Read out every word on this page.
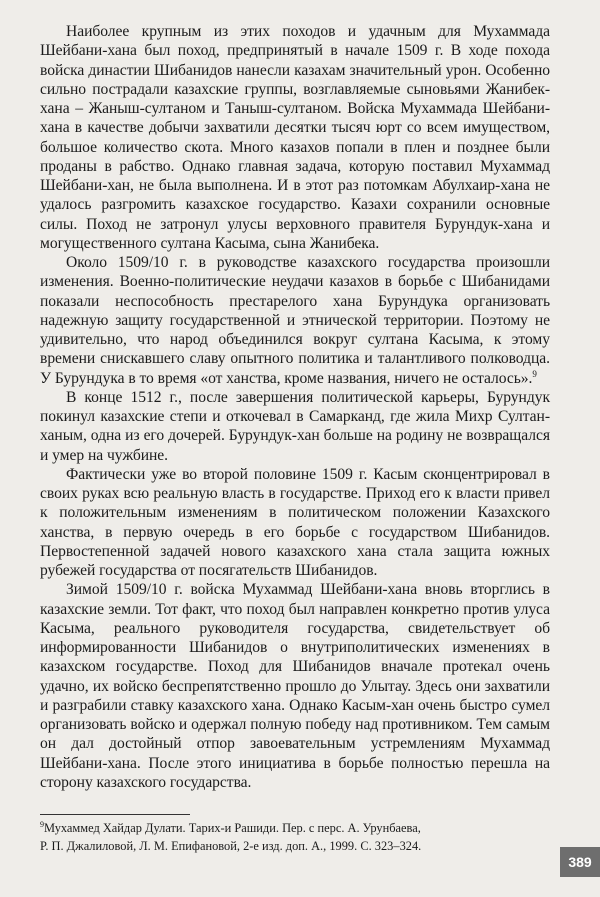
Наиболее крупным из этих походов и удачным для Мухаммада Шейбани-хана был поход, предпринятый в начале 1509 г. В ходе похода войска династии Шибанидов нанесли казахам значительный урон. Особенно сильно пострадали казахские группы, возглавляемые сыновьями Жанибек-хана – Жаныш-султаном и Таныш-султаном. Войска Мухаммада Шейбани-хана в качестве добычи захватили десятки тысяч юрт со всем имуществом, большое количество скота. Много казахов попали в плен и позднее были проданы в рабство. Однако главная задача, которую поставил Мухаммад Шейбани-хан, не была выполнена. И в этот раз потомкам Абулхаир-хана не удалось разгромить казахское государство. Казахи сохранили основные силы. Поход не затронул улусы верховного правителя Бурундук-хана и могущественного султана Касыма, сына Жанибека.

Около 1509/10 г. в руководстве казахского государства произошли изменения. Военно-политические неудачи казахов в борьбе с Шибанидами показали неспособность престарелого хана Бурундука организовать надежную защиту государственной и этнической территории. Поэтому не удивительно, что народ объединился вокруг султана Касыма, к этому времени снискавшего славу опытного политика и талантливого полководца. У Бурундука в то время «от ханства, кроме названия, ничего не осталось».$^9$

В конце 1512 г., после завершения политической карьеры, Бурундук покинул казахские степи и откочевал в Самарканд, где жила Михр Султан-ханым, одна из его дочерей. Бурундук-хан больше на родину не возвращался и умер на чужбине.

Фактически уже во второй половине 1509 г. Касым сконцентрировал в своих руках всю реальную власть в государстве. Приход его к власти привел к положительным изменениям в политическом положении Казахского ханства, в первую очередь в его борьбе с государством Шибанидов. Первостепенной задачей нового казахского хана стала защита южных рубежей государства от посягательств Шибанидов.

Зимой 1509/10 г. войска Мухаммад Шейбани-хана вновь вторглись в казахские земли. Тот факт, что поход был направлен конкретно против улуса Касыма, реального руководителя государства, свидетельствует об информированности Шибанидов о внутриполитических изменениях в казахском государстве. Поход для Шибанидов вначале протекал очень удачно, их войско беспрепятственно прошло до Улытау. Здесь они захватили и разграбили ставку казахского хана. Однако Касым-хан очень быстро сумел организовать войско и одержал полную победу над противником. Тем самым он дал достойный отпор завоевательным устремлениям Мухаммад Шейбани-хана. После этого инициатива в борьбе полностью перешла на сторону казахского государства.

$^9$Мухаммед Хайдар Дулати. Тарих-и Рашиди. Пер. с перс. А. Урунбаева,
Р. П. Джалиловой, Л. М. Епифановой, 2-е изд. доп. А., 1999. С. 323–324.

389
